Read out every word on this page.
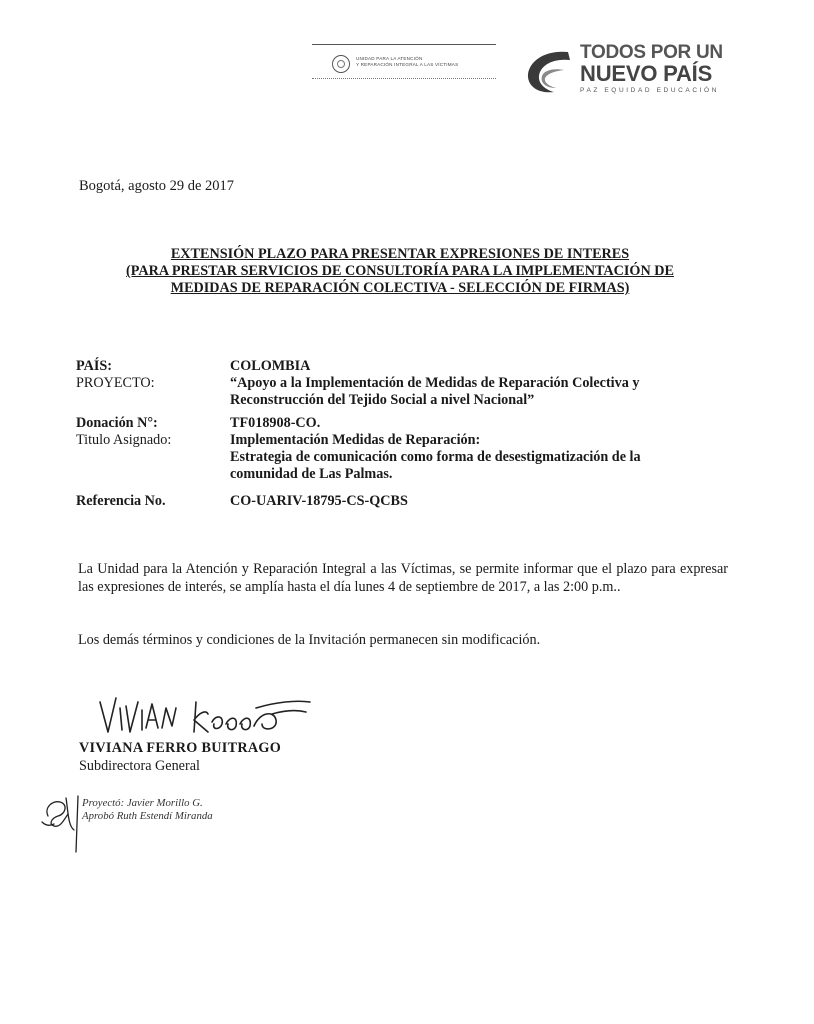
UNIDAD PARA LA ATENCIÓN
Y REPARACIÓN INTEGRAL A LAS VÍCTIMAS
TODOS POR UN
NUEVO PAÍS
PAZ EQUIDAD EDUCACIÓN
Bogotá, agosto 29 de 2017
EXTENSIÓN PLAZO PARA PRESENTAR EXPRESIONES DE INTERES
(PARA PRESTAR SERVICIOS DE CONSULTORÍA PARA LA IMPLEMENTACIÓN DE
MEDIDAS DE REPARACIÓN COLECTIVA - SELECCIÓN DE FIRMAS)
PAÍS:	COLOMBIA
PROYECTO:	“Apoyo a la Implementación de Medidas de Reparación Colectiva y
Reconstrucción del Tejido Social a nivel Nacional”
Donación N°:	TF018908-CO.
Titulo Asignado:	Implementación Medidas de Reparación:
Estrategia de comunicación como forma de desestigmatización de la
comunidad de Las Palmas.
Referencia No.	CO-UARIV-18795-CS-QCBS
La Unidad para la Atención y Reparación Integral a las Víctimas, se permite informar que el plazo para expresar las expresiones de interés, se amplía hasta el día lunes 4 de septiembre de 2017, a las 2:00 p.m..
Los demás términos y condiciones de la Invitación permanecen sin modificación.
VIVIANA FERRO BUITRAGO
Subdirectora General
Proyectó: Javier Morillo G.
Aprobó Ruth Estendí Miranda
